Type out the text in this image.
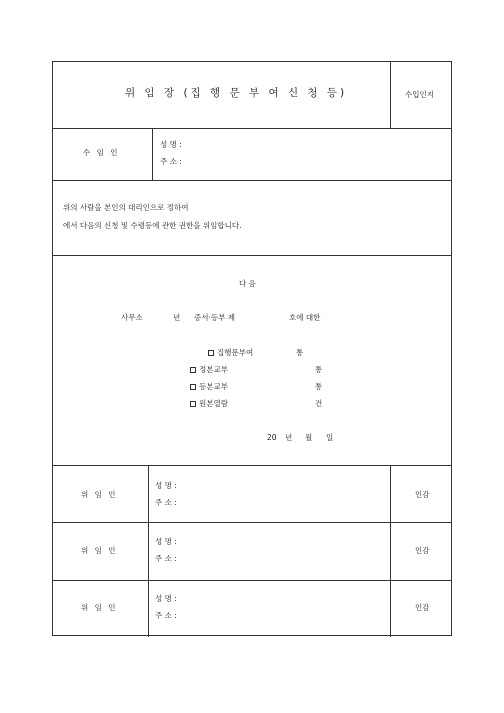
위 임 장 (집 행 문 부 여 신 청 등)	수입인지
수 임 인
성 명 :
주 소 :
위의 사람을 본인의 대리인으로 정하여
에서 다음의 신청 및 수령등에 관한 권한을 위임합니다.
다 음
사무소	년 증서·등부 제	호에 대한
집행문부여	통
정본교부	통
등본교부	통
원본열람	건
20 년 월 일
위 임 인
성 명 :
주 소 :
인감
위 임 인
성 명 :
주 소 :
인감
위 임 인
성 명 :
주 소 :
인감
